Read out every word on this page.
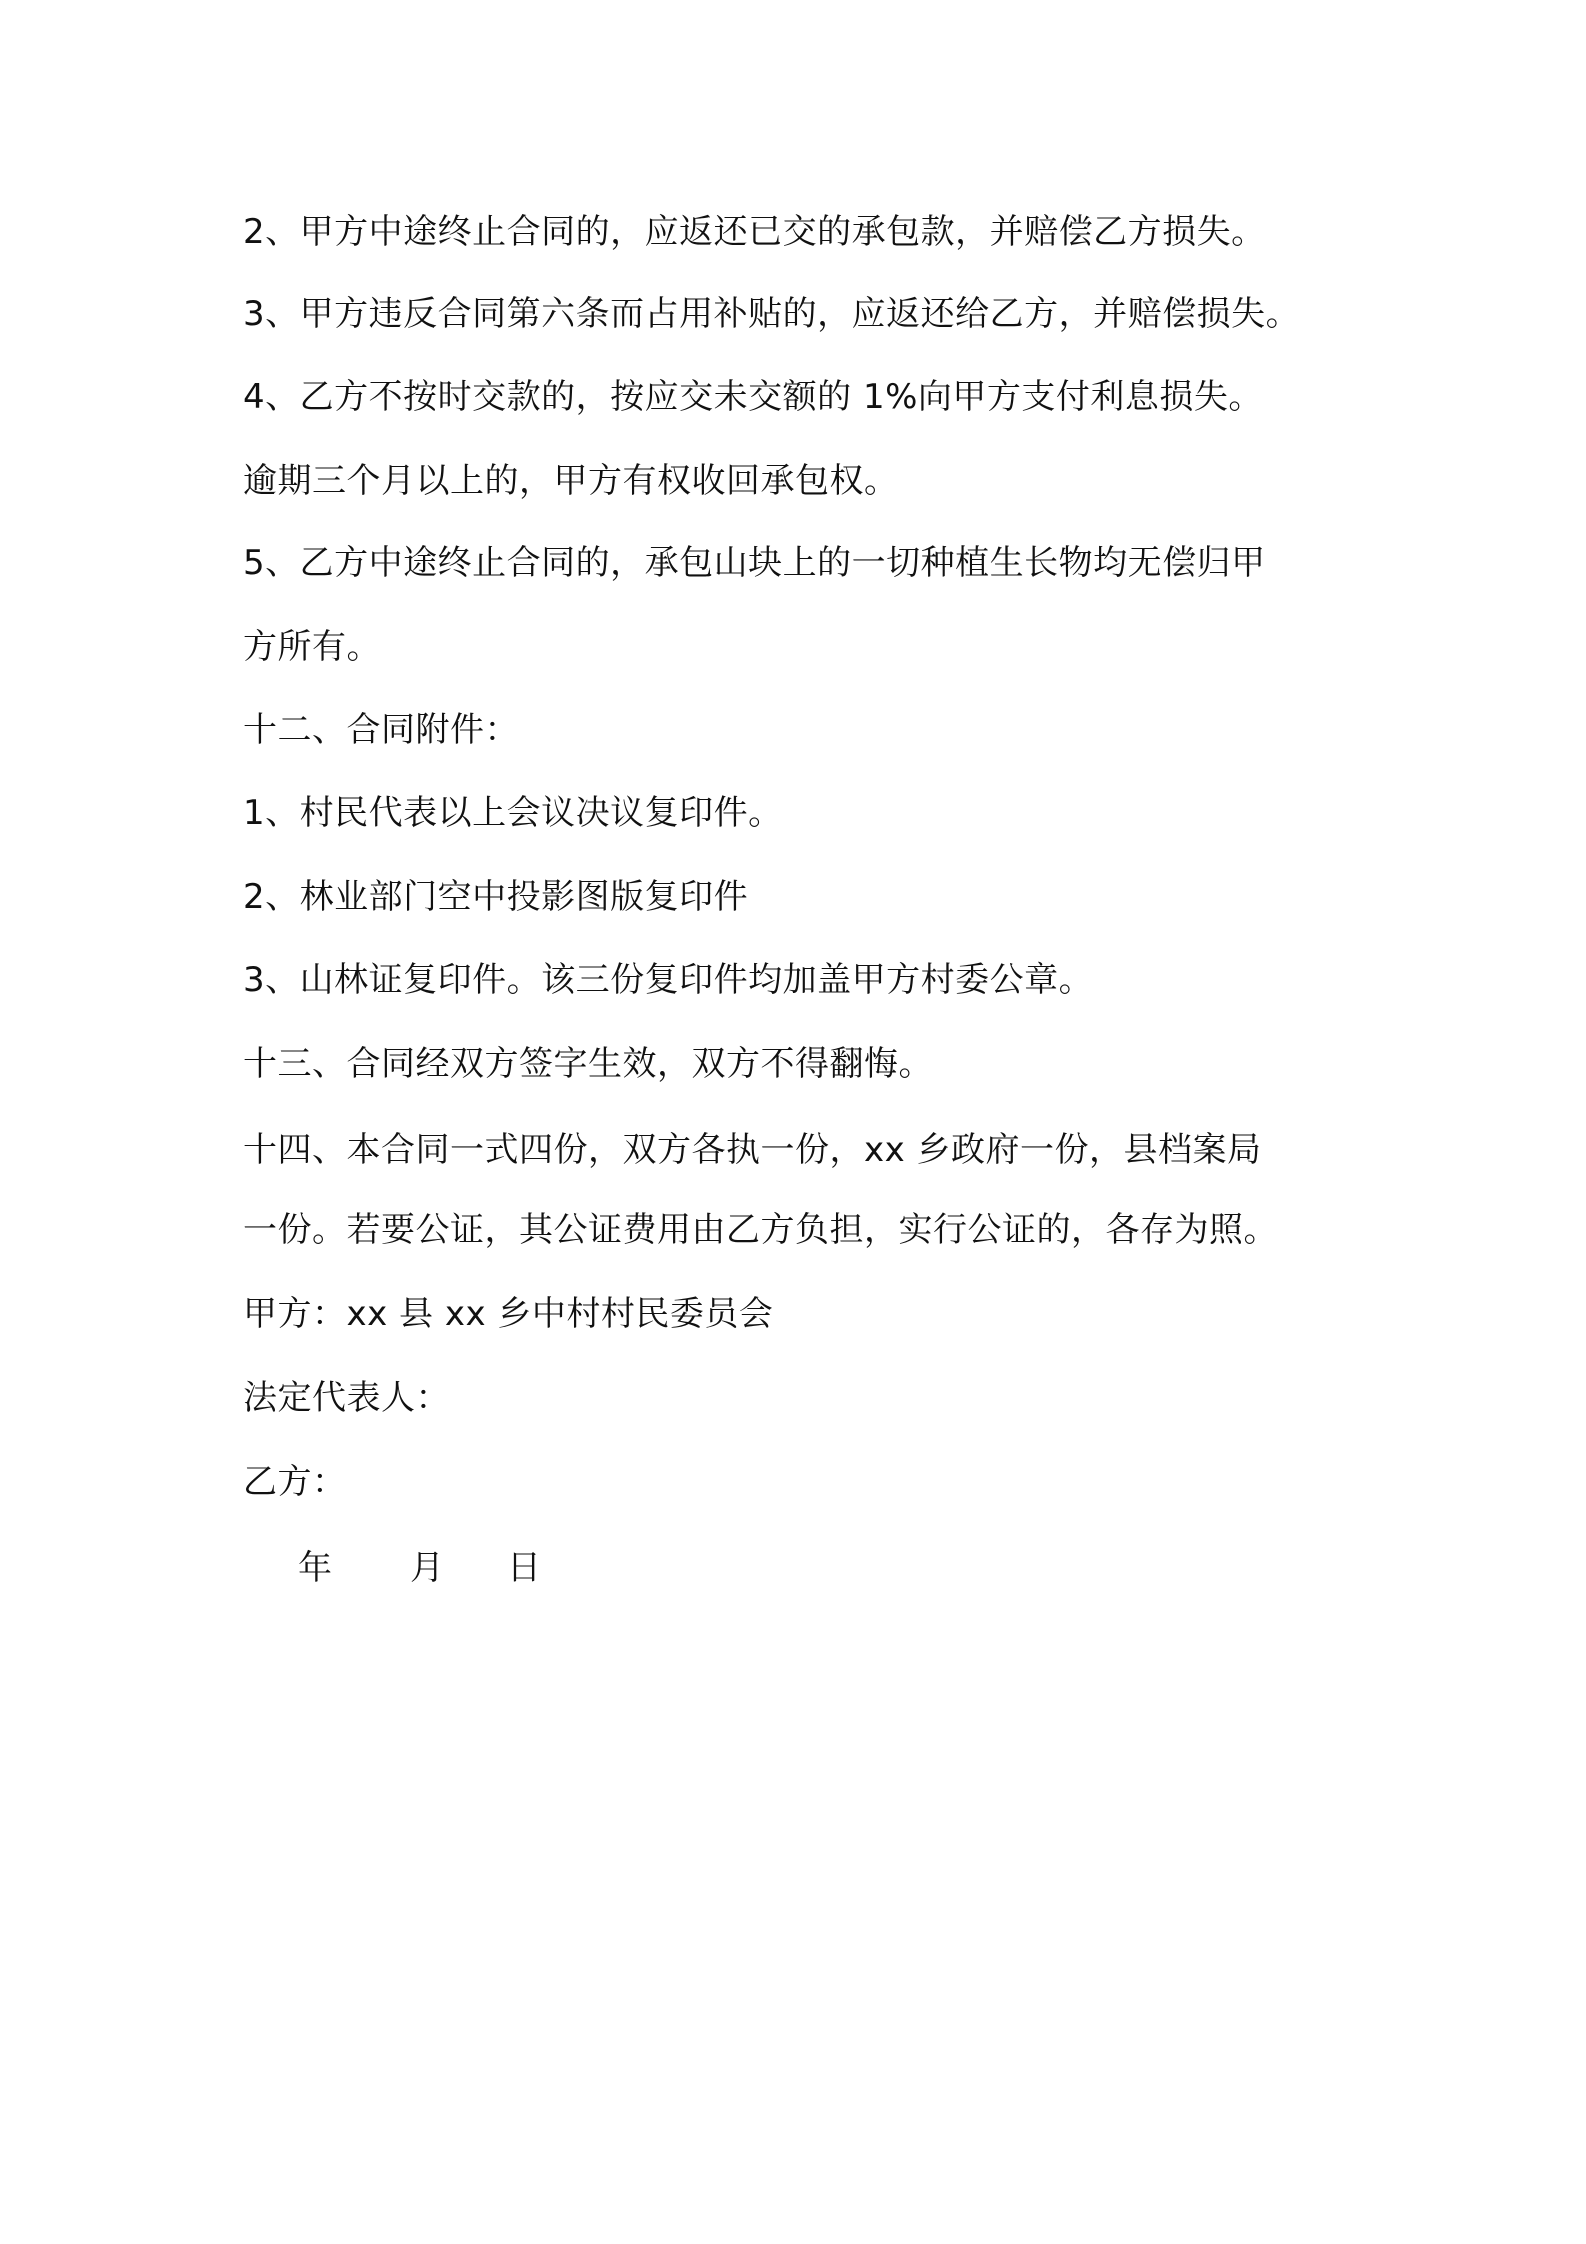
2、甲方中途终止合同的，应返还已交的承包款，并赔偿乙方损失。
3、甲方违反合同第六条而占用补贴的，应返还给乙方，并赔偿损失。
4、乙方不按时交款的，按应交未交额的 1%向甲方支付利息损失。
逾期三个月以上的，甲方有权收回承包权。
5、乙方中途终止合同的，承包山块上的一切种植生长物均无偿归甲
方所有。
十二、合同附件：
1、村民代表以上会议决议复印件。
2、林业部门空中投影图版复印件
3、山林证复印件。该三份复印件均加盖甲方村委公章。
十三、合同经双方签字生效，双方不得翻悔。
十四、本合同一式四份，双方各执一份，xx 乡政府一份，县档案局
一份。若要公证，其公证费用由乙方负担，实行公证的，各存为照。
甲方：xx 县 xx 乡中村村民委员会
法定代表人：
乙方：
年 月 日
